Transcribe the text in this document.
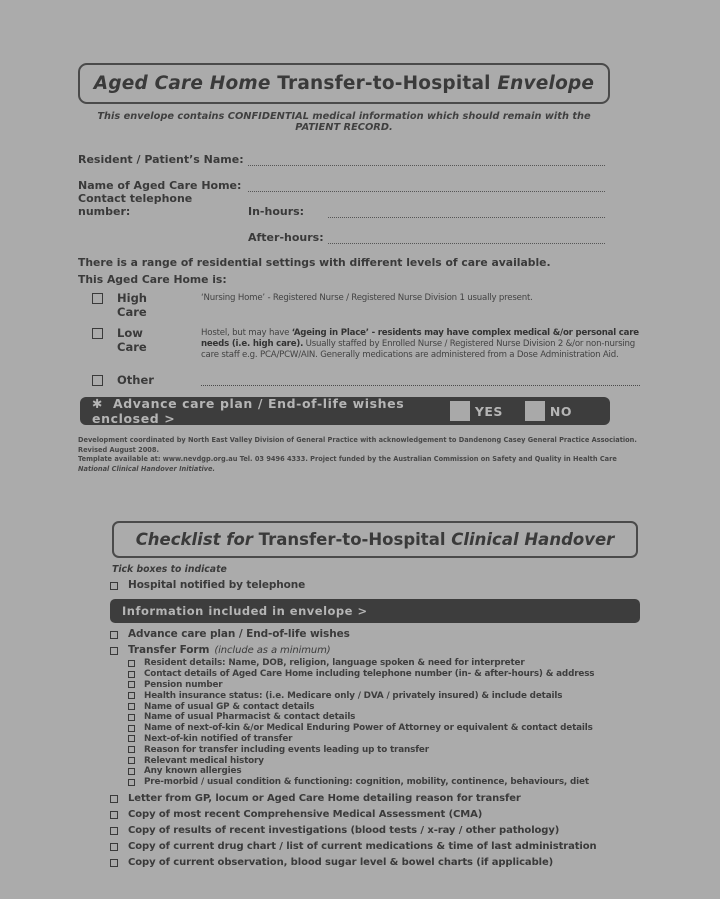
Aged Care Home Transfer-to-Hospital Envelope

This envelope contains CONFIDENTIAL medical information which should remain with the PATIENT RECORD.

Resident / Patient’s Name:
Name of Aged Care Home:
Contact telephone number:	In-hours:
After-hours:
There is a range of residential settings with different levels of care available.
This Aged Care Home is:
High Care
‘Nursing Home’ - Registered Nurse / Registered Nurse Division 1 usually present.
Low Care
Hostel, but may have ‘Ageing in Place’ - residents may have complex medical &/or personal care needs (i.e. high care). Usually staffed by Enrolled Nurse / Registered Nurse Division 2 &/or non-nursing care staff e.g. PCA/PCW/AIN. Generally medications are administered from a Dose Administration Aid.
Other
✱ Advance care plan / End-of-life wishes enclosed >	YES	NO
Development coordinated by North East Valley Division of General Practice with acknowledgement to Dandenong Casey General Practice Association. Revised August 2008.
Template available at: www.nevdgp.org.au Tel. 03 9496 4333. Project funded by the Australian Commission on Safety and Quality in Health Care National Clinical Handover Initiative.
Checklist for Transfer-to-Hospital Clinical Handover
Tick boxes to indicate
Hospital notified by telephone
Information included in envelope >
Advance care plan / End-of-life wishes
Transfer Form (include as a minimum)
Resident details: Name, DOB, religion, language spoken & need for interpreter
Contact details of Aged Care Home including telephone number (in- & after-hours) & address
Pension number
Health insurance status: (i.e. Medicare only / DVA / privately insured) & include details
Name of usual GP & contact details
Name of usual Pharmacist & contact details
Name of next-of-kin &/or Medical Enduring Power of Attorney or equivalent & contact details
Next-of-kin notified of transfer
Reason for transfer including events leading up to transfer
Relevant medical history
Any known allergies
Pre-morbid / usual condition & functioning: cognition, mobility, continence, behaviours, diet
Letter from GP, locum or Aged Care Home detailing reason for transfer
Copy of most recent Comprehensive Medical Assessment (CMA)
Copy of results of recent investigations (blood tests / x-ray / other pathology)
Copy of current drug chart / list of current medications & time of last administration
Copy of current observation, blood sugar level & bowel charts (if applicable)
